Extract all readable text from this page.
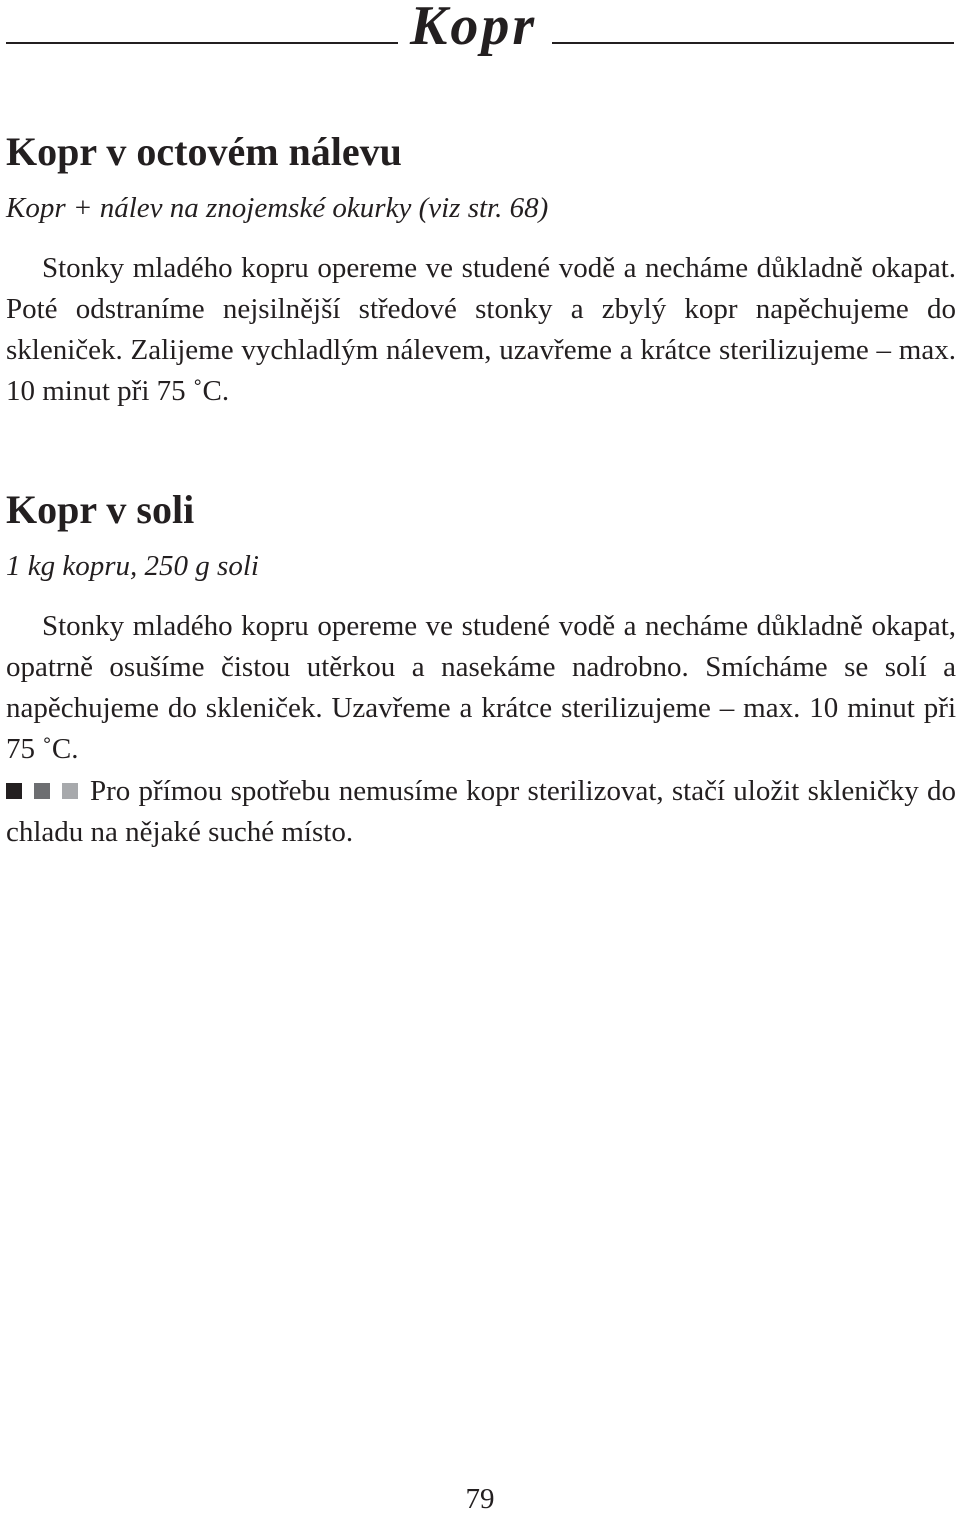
Kopr
Kopr v octovém nálevu

Kopr + nálev na znojemské okurky (viz str. 68)

Stonky mladého kopru opereme ve studené vodě a necháme důkladně okapat. Poté odstraníme nejsilnější středové stonky a zbylý kopr napěchujeme do skleniček. Zalijeme vychladlým nálevem, uzavřeme a krátce sterilizujeme – max. 10 minut při 75 ˚C.

Kopr v soli

1 kg kopru, 250 g soli

Stonky mladého kopru opereme ve studené vodě a necháme důkladně okapat, opatrně osušíme čistou utěrkou a nasekáme nadrobno. Smícháme se solí a napěchujeme do skleniček. Uzavřeme a krátce sterilizujeme – max. 10 minut při 75 ˚C.

Pro přímou spotřebu nemusíme kopr sterilizovat, stačí uložit skleničky do chladu na nějaké suché místo.

79
